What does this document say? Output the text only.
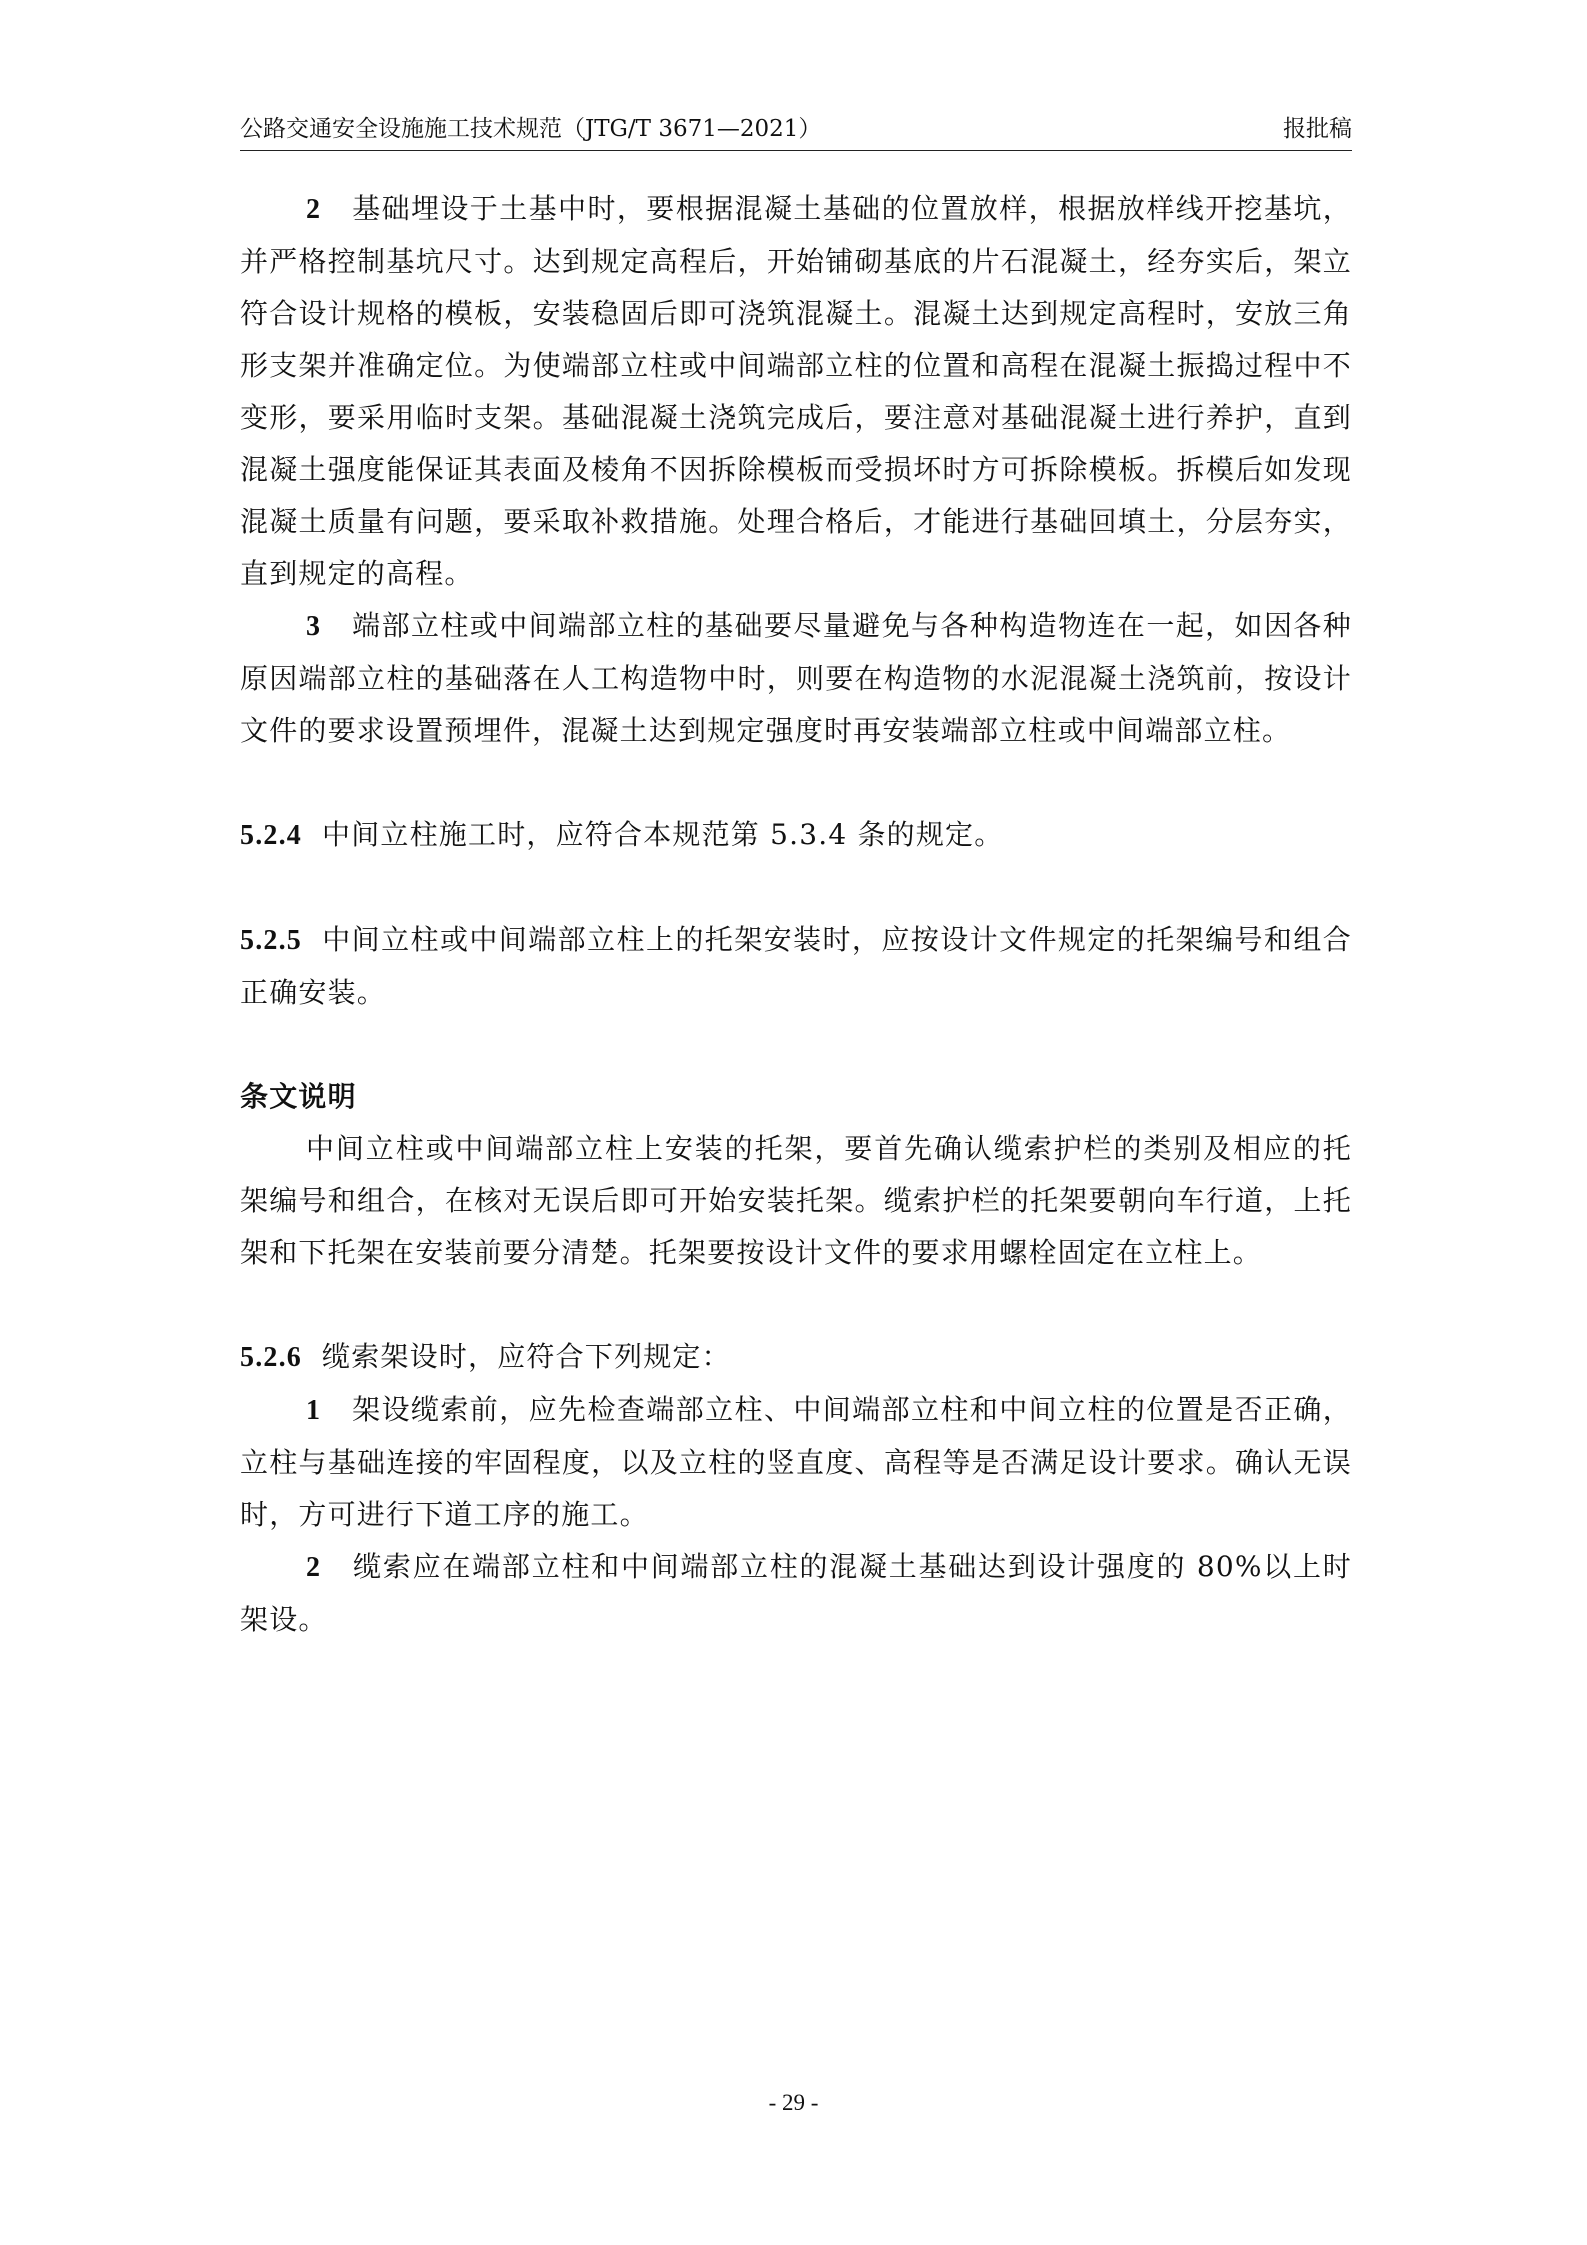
公路交通安全设施施工技术规范（JTG/T 3671—2021）	报批稿

2 基础埋设于土基中时，要根据混凝土基础的位置放样，根据放样线开挖基坑，并严格控制基坑尺寸。达到规定高程后，开始铺砌基底的片石混凝土，经夯实后，架立符合设计规格的模板，安装稳固后即可浇筑混凝土。混凝土达到规定高程时，安放三角形支架并准确定位。为使端部立柱或中间端部立柱的位置和高程在混凝土振捣过程中不变形，要采用临时支架。基础混凝土浇筑完成后，要注意对基础混凝土进行养护，直到混凝土强度能保证其表面及棱角不因拆除模板而受损坏时方可拆除模板。拆模后如发现混凝土质量有问题，要采取补救措施。处理合格后，才能进行基础回填土，分层夯实，直到规定的高程。

3 端部立柱或中间端部立柱的基础要尽量避免与各种构造物连在一起，如因各种原因端部立柱的基础落在人工构造物中时，则要在构造物的水泥混凝土浇筑前，按设计文件的要求设置预埋件，混凝土达到规定强度时再安装端部立柱或中间端部立柱。

5.2.4 中间立柱施工时，应符合本规范第 5.3.4 条的规定。

5.2.5 中间立柱或中间端部立柱上的托架安装时，应按设计文件规定的托架编号和组合正确安装。

条文说明

中间立柱或中间端部立柱上安装的托架，要首先确认缆索护栏的类别及相应的托架编号和组合，在核对无误后即可开始安装托架。缆索护栏的托架要朝向车行道，上托架和下托架在安装前要分清楚。托架要按设计文件的要求用螺栓固定在立柱上。

5.2.6 缆索架设时，应符合下列规定：

1 架设缆索前，应先检查端部立柱、中间端部立柱和中间立柱的位置是否正确，立柱与基础连接的牢固程度，以及立柱的竖直度、高程等是否满足设计要求。确认无误时，方可进行下道工序的施工。

2 缆索应在端部立柱和中间端部立柱的混凝土基础达到设计强度的 80%以上时架设。

- 29 -
